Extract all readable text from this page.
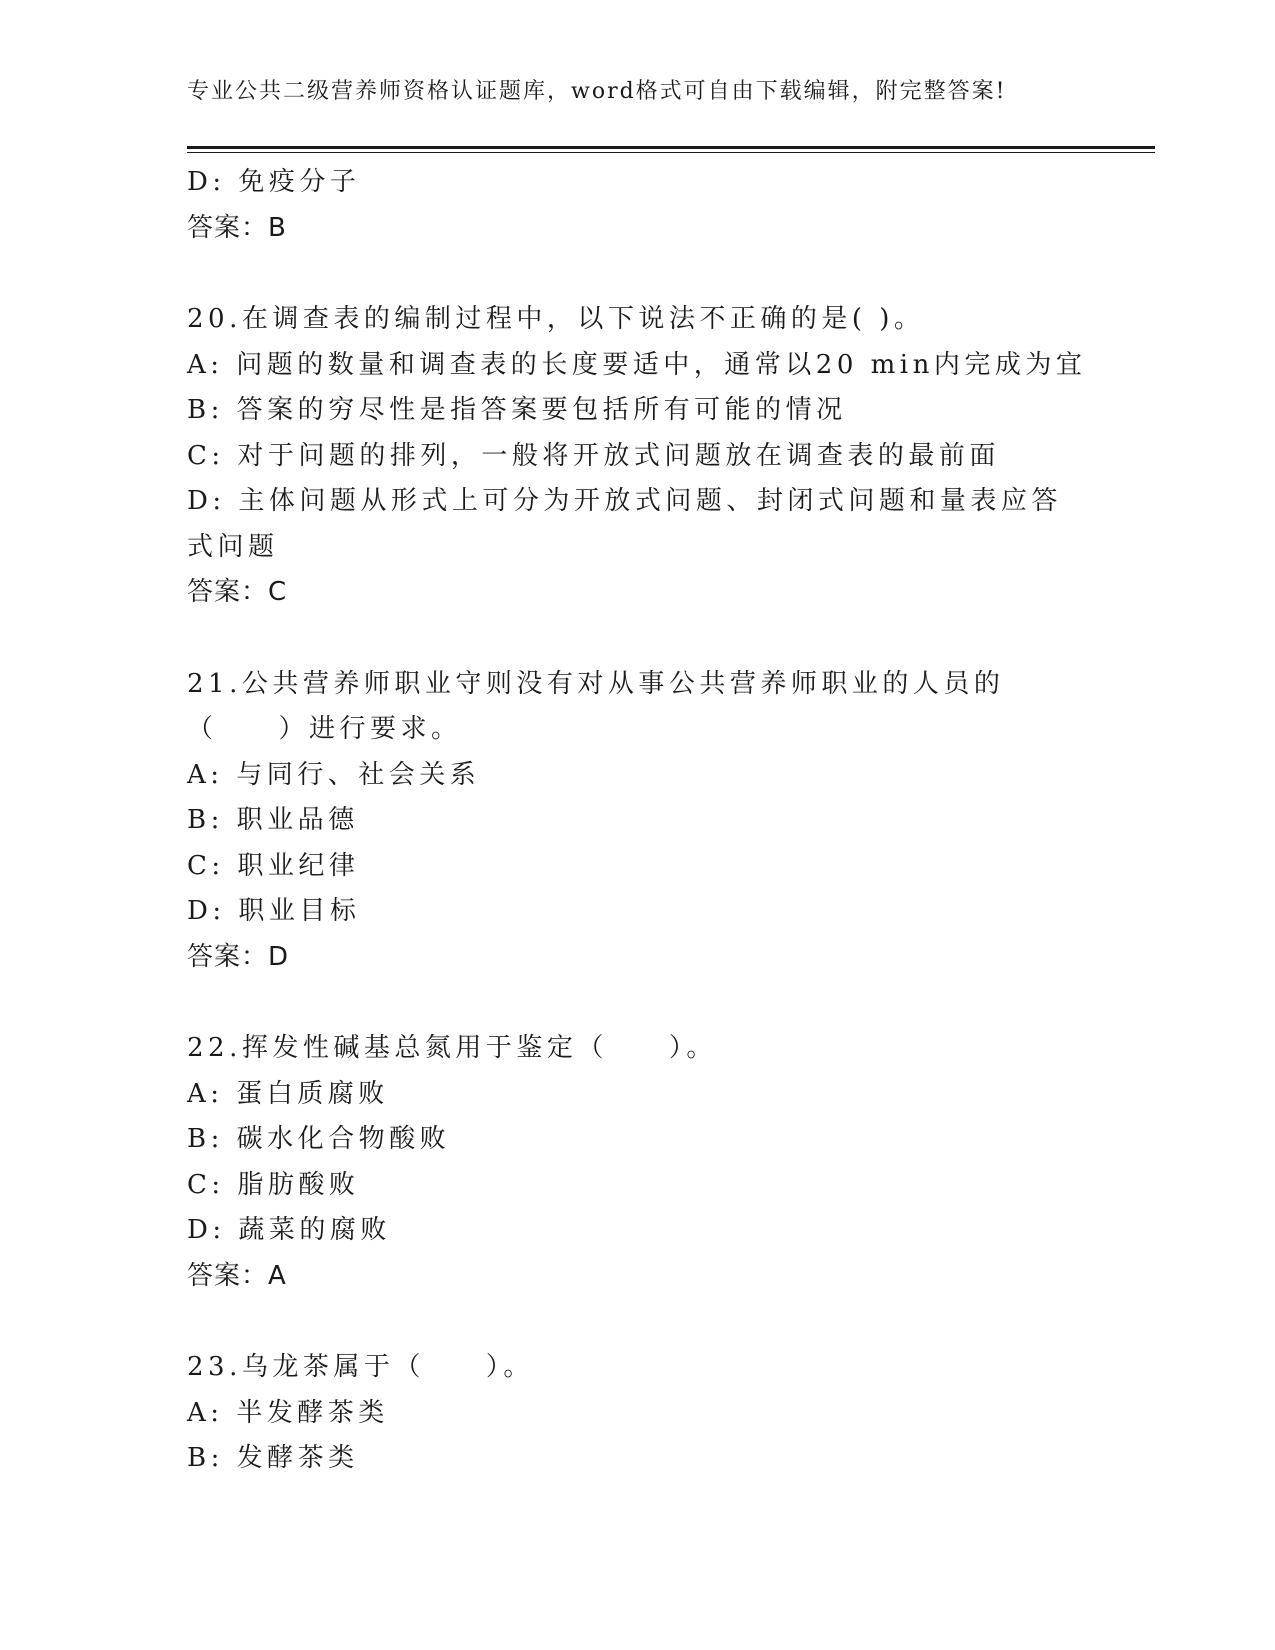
专业公共二级营养师资格认证题库，word格式可自由下载编辑，附完整答案!
D: 免疫分子
答案：B
20.在调查表的编制过程中，以下说法不正确的是( )。
A: 问题的数量和调查表的长度要适中，通常以20 min内完成为宜
B: 答案的穷尽性是指答案要包括所有可能的情况
C: 对于问题的排列，一般将开放式问题放在调查表的最前面
D: 主体问题从形式上可分为开放式问题、封闭式问题和量表应答式问题
答案：C
21.公共营养师职业守则没有对从事公共营养师职业的人员的（　　）进行要求。
A: 与同行、社会关系
B: 职业品德
C: 职业纪律
D: 职业目标
答案：D
22.挥发性碱基总氮用于鉴定（　　）。
A: 蛋白质腐败
B: 碳水化合物酸败
C: 脂肪酸败
D: 蔬菜的腐败
答案：A
23.乌龙茶属于（　　）。
A: 半发酵茶类
B: 发酵茶类
